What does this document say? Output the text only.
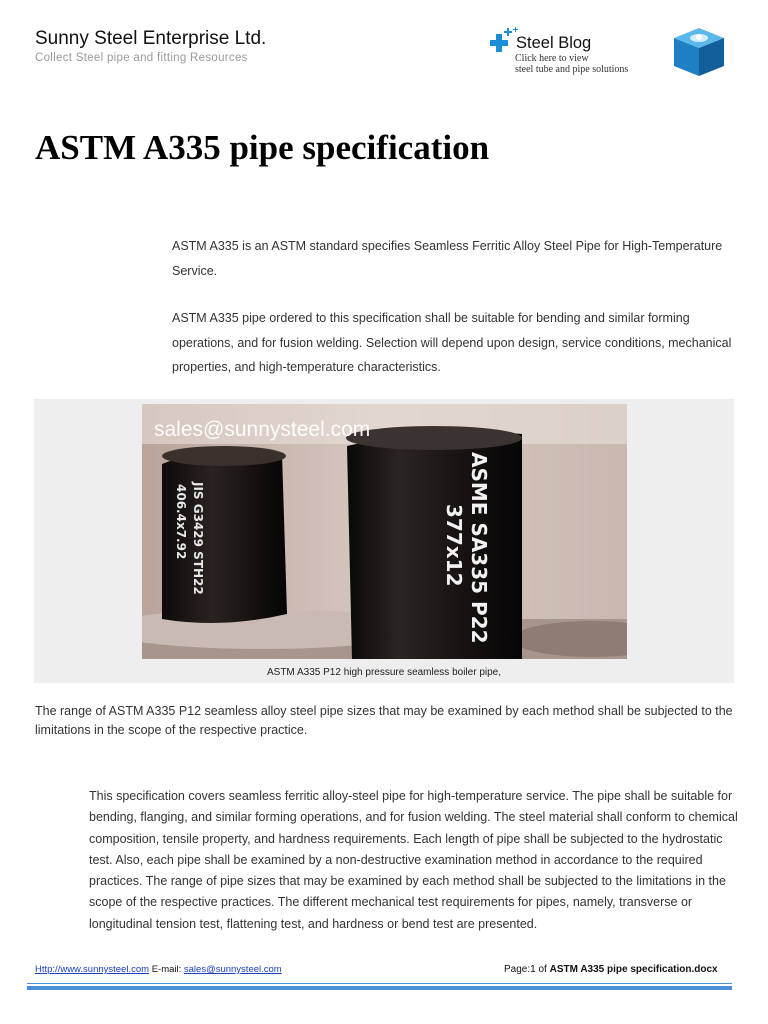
Sunny Steel Enterprise Ltd.
Collect Steel pipe and fitting Resources
Steel Blog
Click here to view
steel tube and pipe solutions
ASTM A335 pipe specification
ASTM A335 is an ASTM standard specifies Seamless Ferritic Alloy Steel Pipe for High-Temperature Service.
ASTM A335 pipe ordered to this specification shall be suitable for bending and similar forming operations, and for fusion welding. Selection will depend upon design, service conditions, mechanical properties, and high-temperature characteristics.
JIS G3429 STH22
406.4x7.92	ASME SA335 P22
377x12
sales@sunnysteel.com
ASTM A335 P12 high pressure seamless boiler pipe,
The range of ASTM A335 P12 seamless alloy steel pipe sizes that may be examined by each method shall be subjected to the limitations in the scope of the respective practice.
This specification covers seamless ferritic alloy-steel pipe for high-temperature service. The pipe shall be suitable for bending, flanging, and similar forming operations, and for fusion welding. The steel material shall conform to chemical composition, tensile property, and hardness requirements. Each length of pipe shall be subjected to the hydrostatic test. Also, each pipe shall be examined by a non-destructive examination method in accordance to the required practices. The range of pipe sizes that may be examined by each method shall be subjected to the limitations in the scope of the respective practices. The different mechanical test requirements for pipes, namely, transverse or longitudinal tension test, flattening test, and hardness or bend test are presented.
Http://www.sunnysteel.com E-mail: sales@sunnysteel.com	Page:1 of ASTM A335 pipe specification.docx
